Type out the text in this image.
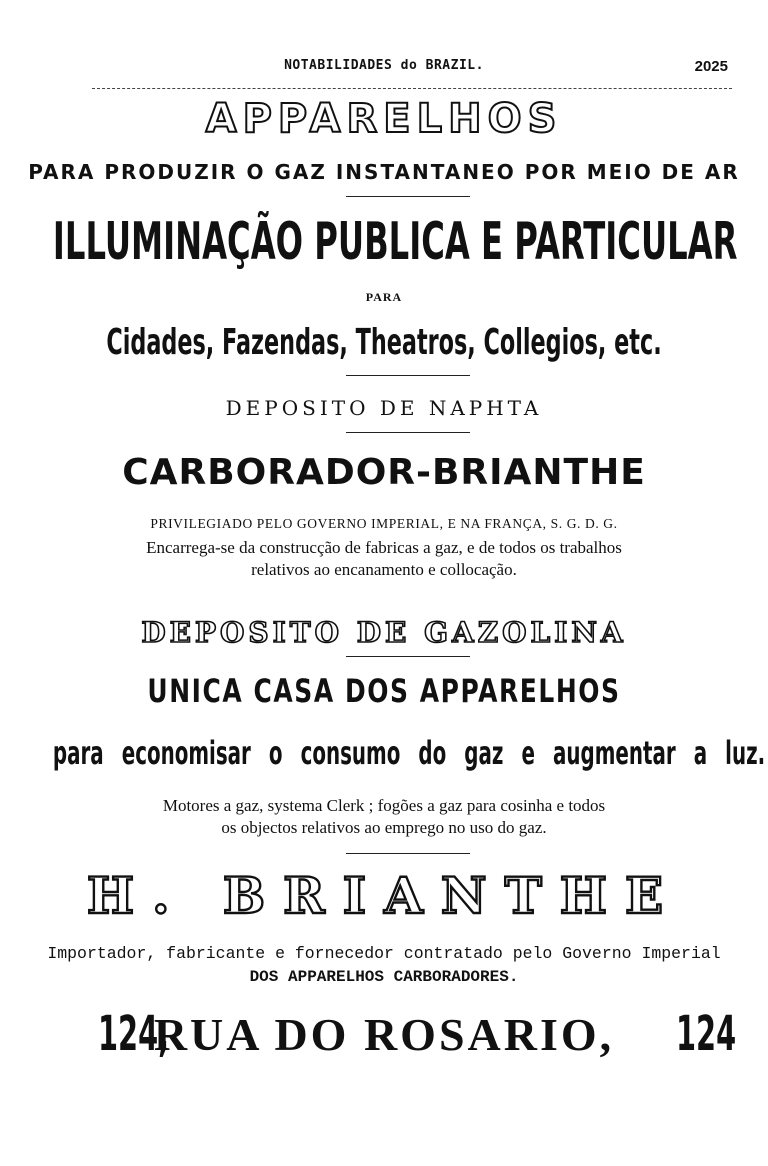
NOTABILIDADES do BRAZIL.	2025
APPARELHOS
PARA PRODUZIR O GAZ INSTANTANEO POR MEIO DE AR
ILLUMINAÇÃO PUBLICA E PARTICULAR
PARA
Cidades, Fazendas, Theatros, Collegios, etc.
DEPOSITO DE NAPHTA
CARBORADOR-BRIANTHE
PRIVILEGIADO PELO GOVERNO IMPERIAL, E NA FRANÇA, S. G. D. G.
Encarrega-se da construcção de fabricas a gaz, e de todos os trabalhos
relativos ao encanamento e collocação.
DEPOSITO DE GAZOLINA
UNICA CASA DOS APPARELHOS
para economisar o consumo do gaz e augmentar a luz.
Motores a gaz, systema Clerk ; fogões a gaz para cosinha e todos
os objectos relativos ao emprego no uso do gaz.
H. BRIANTHE
Importador, fabricante e fornecedor contratado pelo Governo Imperial
DOS APPARELHOS CARBORADORES.
124,
RUA DO ROSARIO,	124
